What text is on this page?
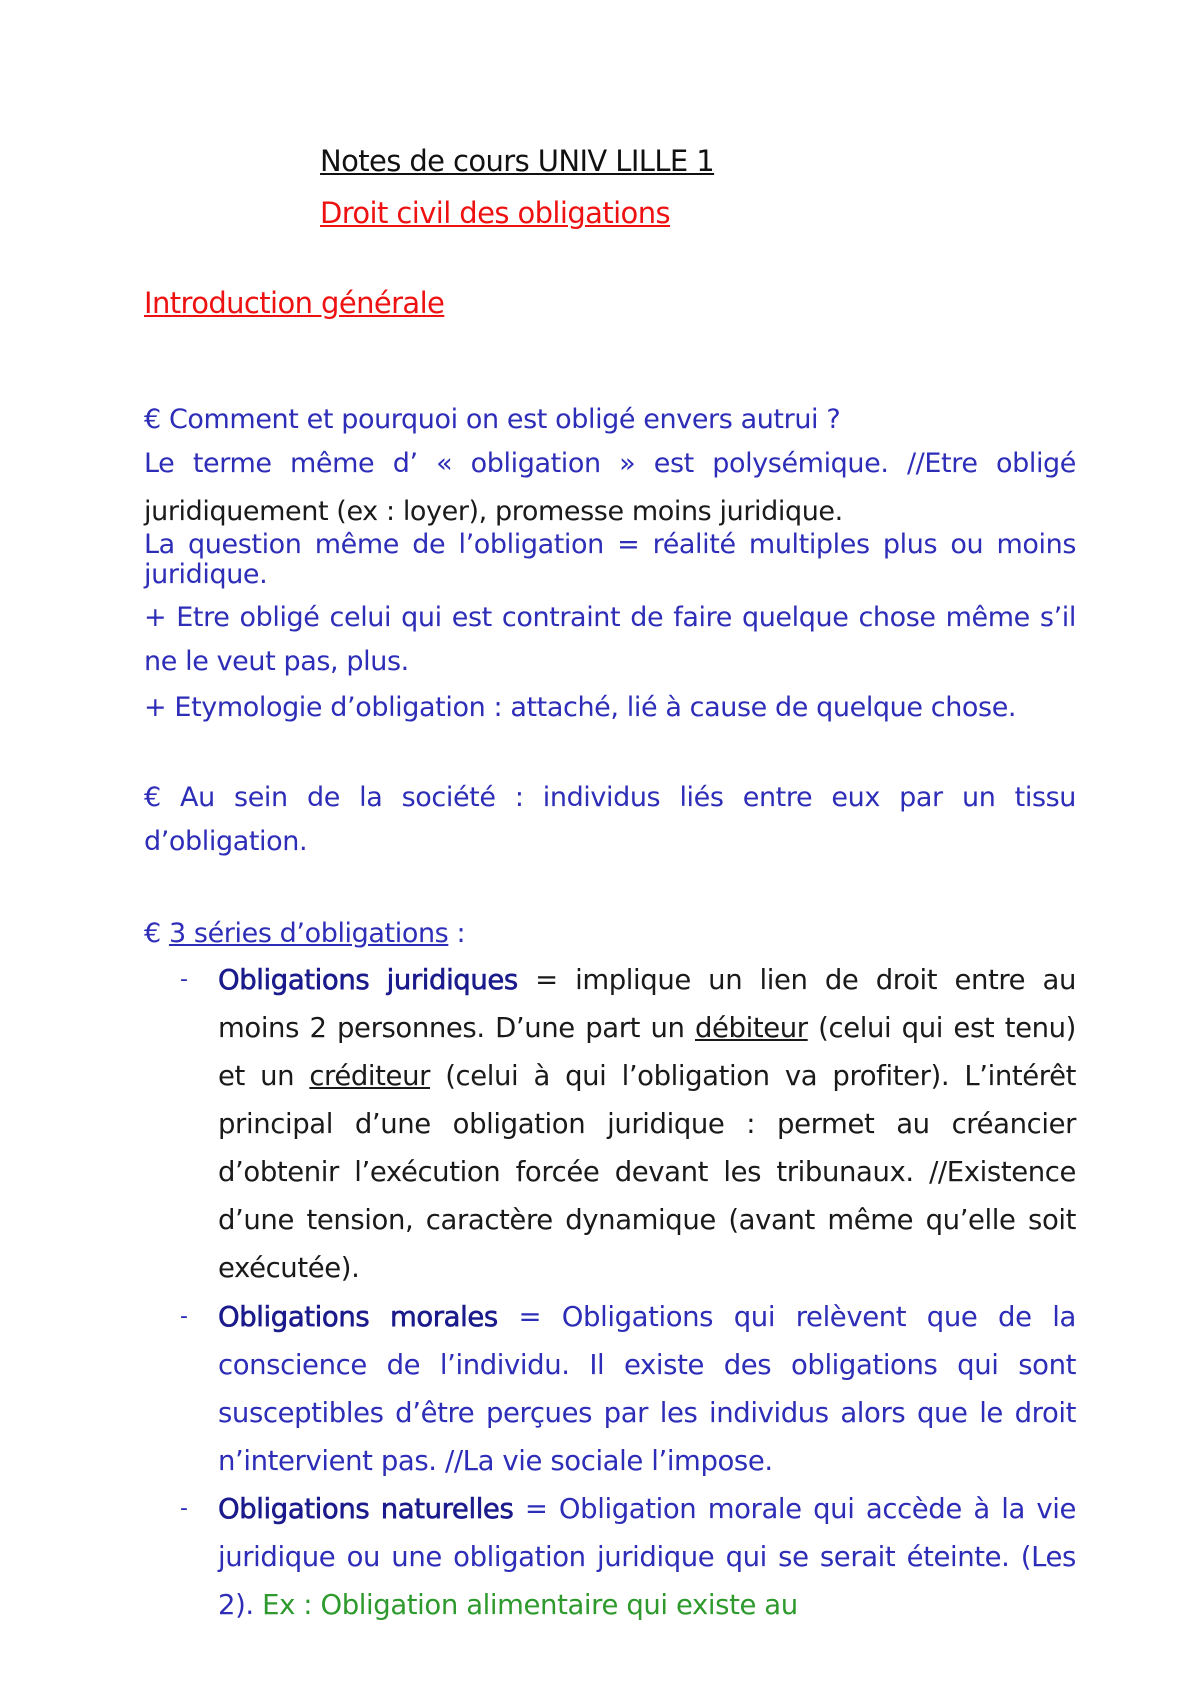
Notes de cours UNIV LILLE 1
Droit civil des obligations
Introduction générale
€ Comment et pourquoi on est obligé envers autrui ?
Le terme même d’ « obligation » est polysémique. //Etre obligé
juridiquement (ex : loyer), promesse moins juridique.
La question même de l’obligation = réalité multiples plus ou moins juridique.
+ Etre obligé celui qui est contraint de faire quelque chose même s’il ne le veut pas, plus.
+ Etymologie d’obligation : attaché, lié à cause de quelque chose.
€ Au sein de la société : individus liés entre eux par un tissu d’obligation.
€ 3 séries d’obligations :
- Obligations juridiques = implique un lien de droit entre au moins 2 personnes. D’une part un débiteur (celui qui est tenu) et un créditeur (celui à qui l’obligation va profiter). L’intérêt principal d’une obligation juridique : permet au créancier d’obtenir l’exécution forcée devant les tribunaux. //Existence d’une tension, caractère dynamique (avant même qu’elle soit exécutée).
- Obligations morales = Obligations qui relèvent que de la conscience de l’individu. Il existe des obligations qui sont susceptibles d’être perçues par les individus alors que le droit n’intervient pas. //La vie sociale l’impose.
- Obligations naturelles = Obligation morale qui accède à la vie juridique ou une obligation juridique qui se serait éteinte. (Les 2). Ex : Obligation alimentaire qui existe au
